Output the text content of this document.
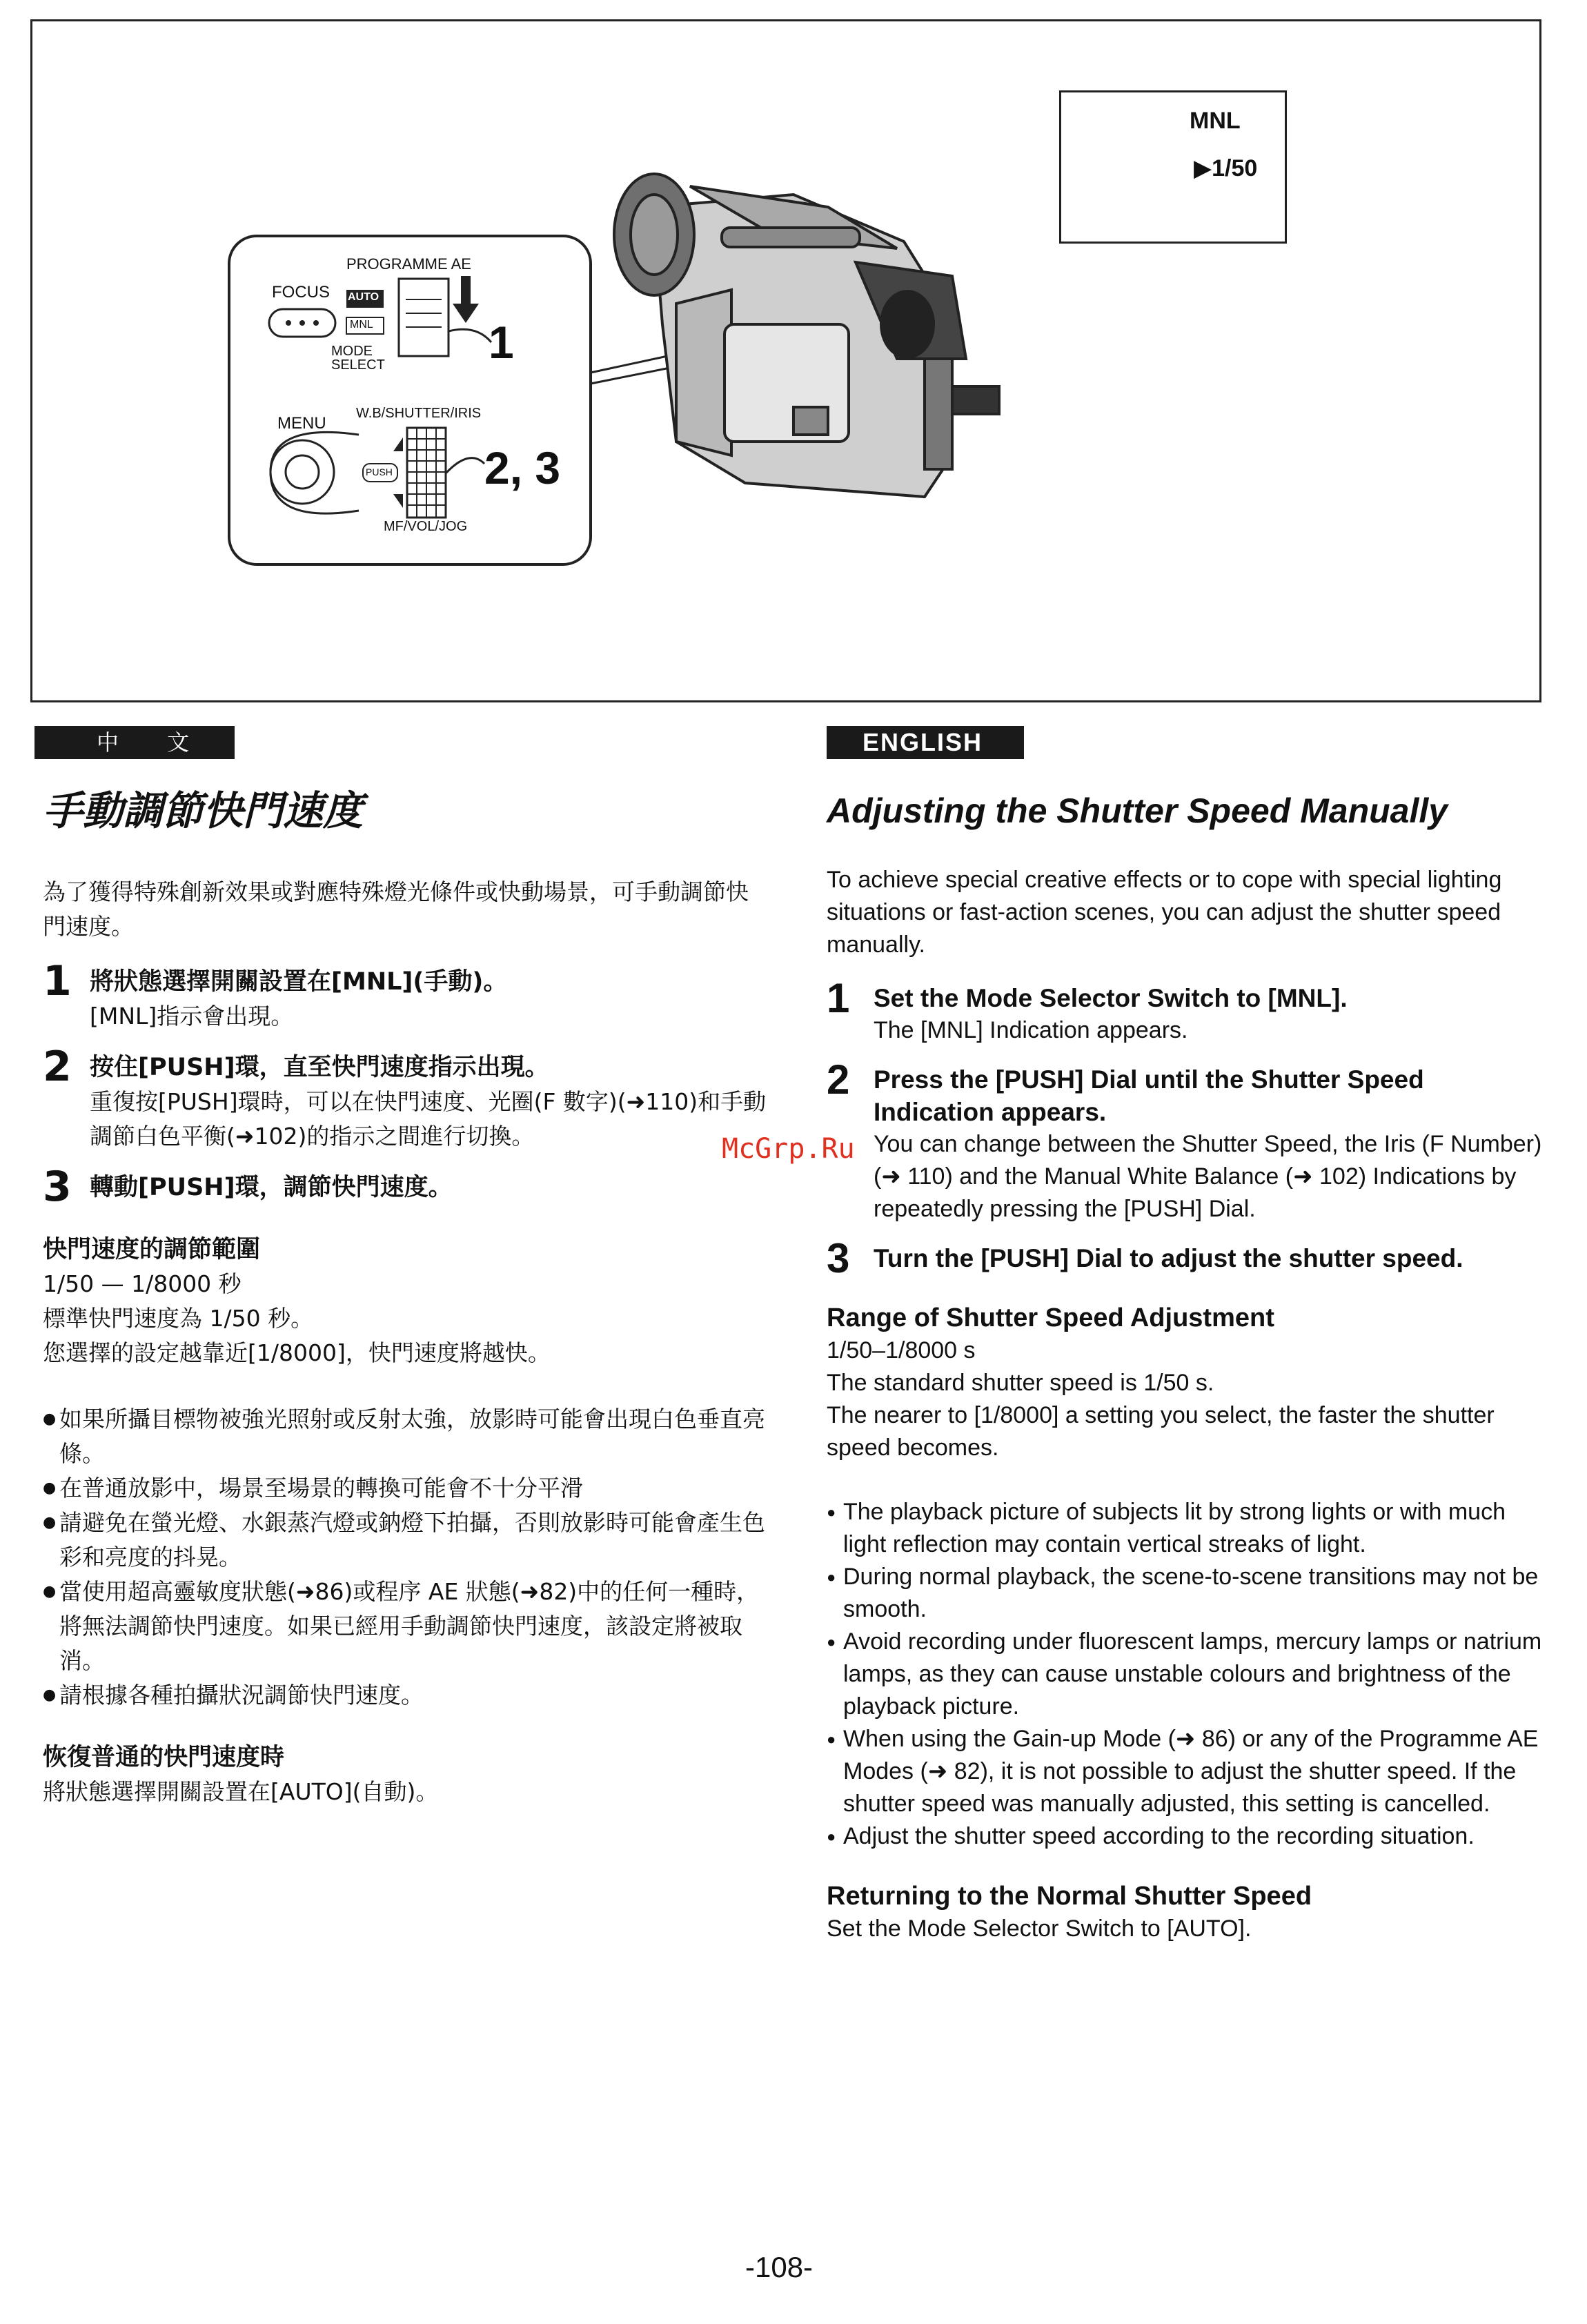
PROGRAMME AE
FOCUS AUTO
MNL
MODE
SELECT
MENU
W.B/SHUTTER/IRIS
PUSH
MF/VOL/JOG
1
2, 3
MNL
▶1/50
中 文	ENGLISH
手動調節快門速度

為了獲得特殊創新效果或對應特殊燈光條件或快動場景，可手動調節快門速度。

1 將狀態選擇開關設置在[MNL](手動)。

[MNL]指示會出現。

2 按住[PUSH]環，直至快門速度指示出現。

重復按[PUSH]環時，可以在快門速度、光圈(F 數字)(➜110)和手動調節白色平衡(➜102)的指示之間進行切換。

3 轉動[PUSH]環，調節快門速度。

快門速度的調節範圍

1/50 — 1/8000 秒

標準快門速度為 1/50 秒。

您選擇的設定越靠近[1/8000]，快門速度將越快。

● 如果所攝目標物被強光照射或反射太強，放影時可能會出現白色垂直亮條。
● 在普通放影中，場景至場景的轉換可能會不十分平滑
● 請避免在螢光燈、水銀蒸汽燈或鈉燈下拍攝，否則放影時可能會產生色彩和亮度的抖晃。
● 當使用超高靈敏度狀態(➜86)或程序 AE 狀態(➜82)中的任何一種時，將無法調節快門速度。如果已經用手動調節快門速度，該設定將被取消。
● 請根據各種拍攝狀況調節快門速度。

恢復普通的快門速度時

將狀態選擇開關設置在[AUTO](自動)。

Adjusting the Shutter Speed Manually

To achieve special creative effects or to cope with special lighting situations or fast-action scenes, you can adjust the shutter speed manually.

1 Set the Mode Selector Switch to [MNL].

The [MNL] Indication appears.

2 Press the [PUSH] Dial until the Shutter Speed Indication appears.

You can change between the Shutter Speed, the Iris (F Number) (➜ 110) and the Manual White Balance (➜ 102) Indications by repeatedly pressing the [PUSH] Dial.

3 Turn the [PUSH] Dial to adjust the shutter speed.

Range of Shutter Speed Adjustment

1/50–1/8000 s

The standard shutter speed is 1/50 s.

The nearer to [1/8000] a setting you select, the faster the shutter speed becomes.

● The playback picture of subjects lit by strong lights or with much light reflection may contain vertical streaks of light.
● During normal playback, the scene-to-scene transitions may not be smooth.
● Avoid recording under fluorescent lamps, mercury lamps or natrium lamps, as they can cause unstable colours and brightness of the playback picture.
● When using the Gain-up Mode (➜ 86) or any of the Programme AE Modes (➜ 82), it is not possible to adjust the shutter speed. If the shutter speed was manually adjusted, this setting is cancelled.
● Adjust the shutter speed according to the recording situation.

Returning to the Normal Shutter Speed

Set the Mode Selector Switch to [AUTO].

McGrp.Ru
-108-
